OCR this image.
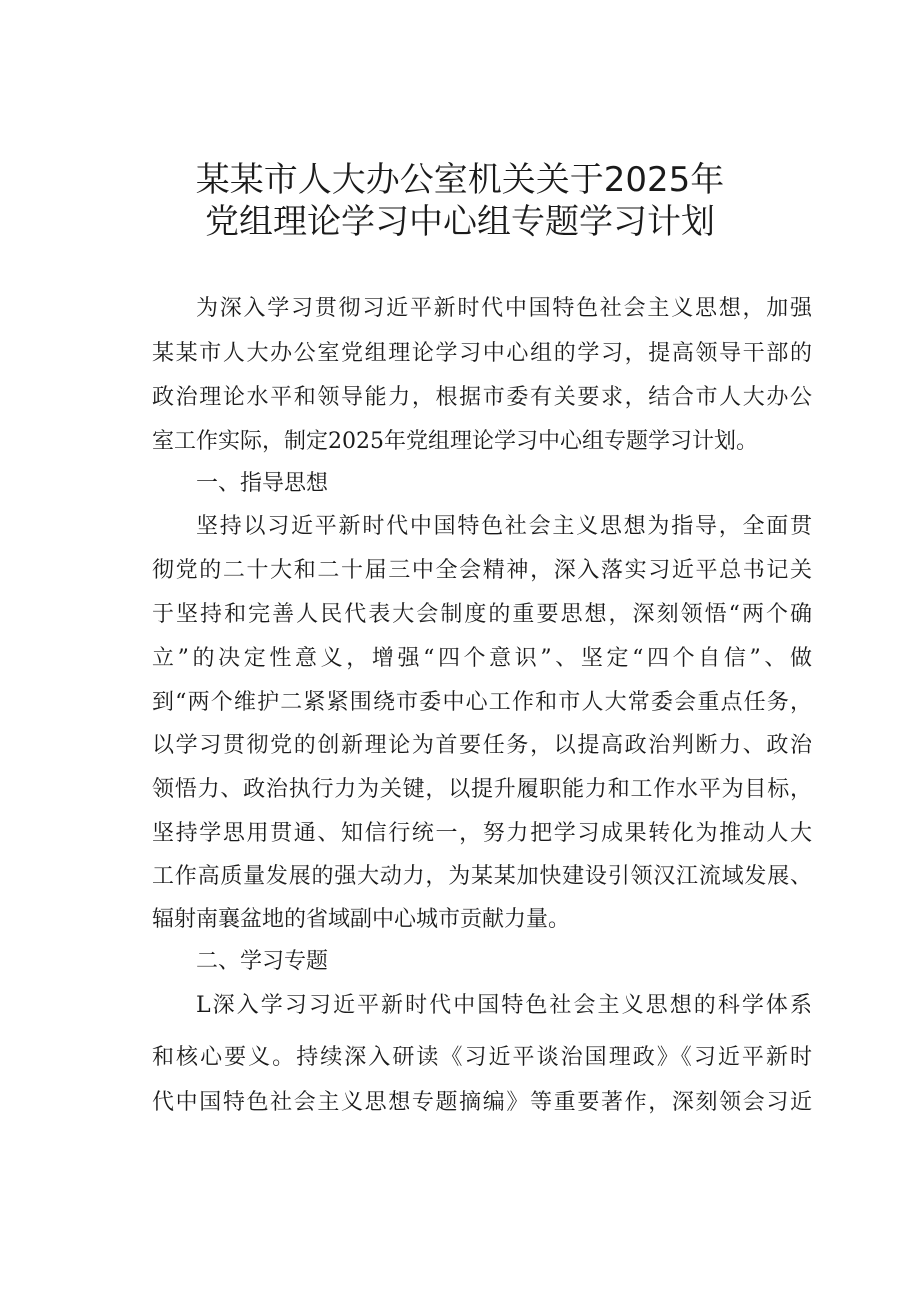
某某市人大办公室机关关于2025年
党组理论学习中心组专题学习计划
为深入学习贯彻习近平新时代中国特色社会主义思想，加强
某某市人大办公室党组理论学习中心组的学习，提高领导干部的
政治理论水平和领导能力，根据市委有关要求，结合市人大办公
室工作实际，制定2025年党组理论学习中心组专题学习计划。
一、指导思想
坚持以习近平新时代中国特色社会主义思想为指导，全面贯
彻党的二十大和二十届三中全会精神，深入落实习近平总书记关
于坚持和完善人民代表大会制度的重要思想，深刻领悟“两个确
立”的决定性意义，增强“四个意识”、坚定“四个自信”、做
到“两个维护二紧紧围绕市委中心工作和市人大常委会重点任务，
以学习贯彻党的创新理论为首要任务，以提高政治判断力、政治
领悟力、政治执行力为关键，以提升履职能力和工作水平为目标，
坚持学思用贯通、知信行统一，努力把学习成果转化为推动人大
工作高质量发展的强大动力，为某某加快建设引领汉江流域发展、
辐射南襄盆地的省域副中心城市贡献力量。
二、学习专题
L深入学习习近平新时代中国特色社会主义思想的科学体系
和核心要义。持续深入研读《习近平谈治国理政》《习近平新时
代中国特色社会主义思想专题摘编》等重要著作，深刻领会习近
